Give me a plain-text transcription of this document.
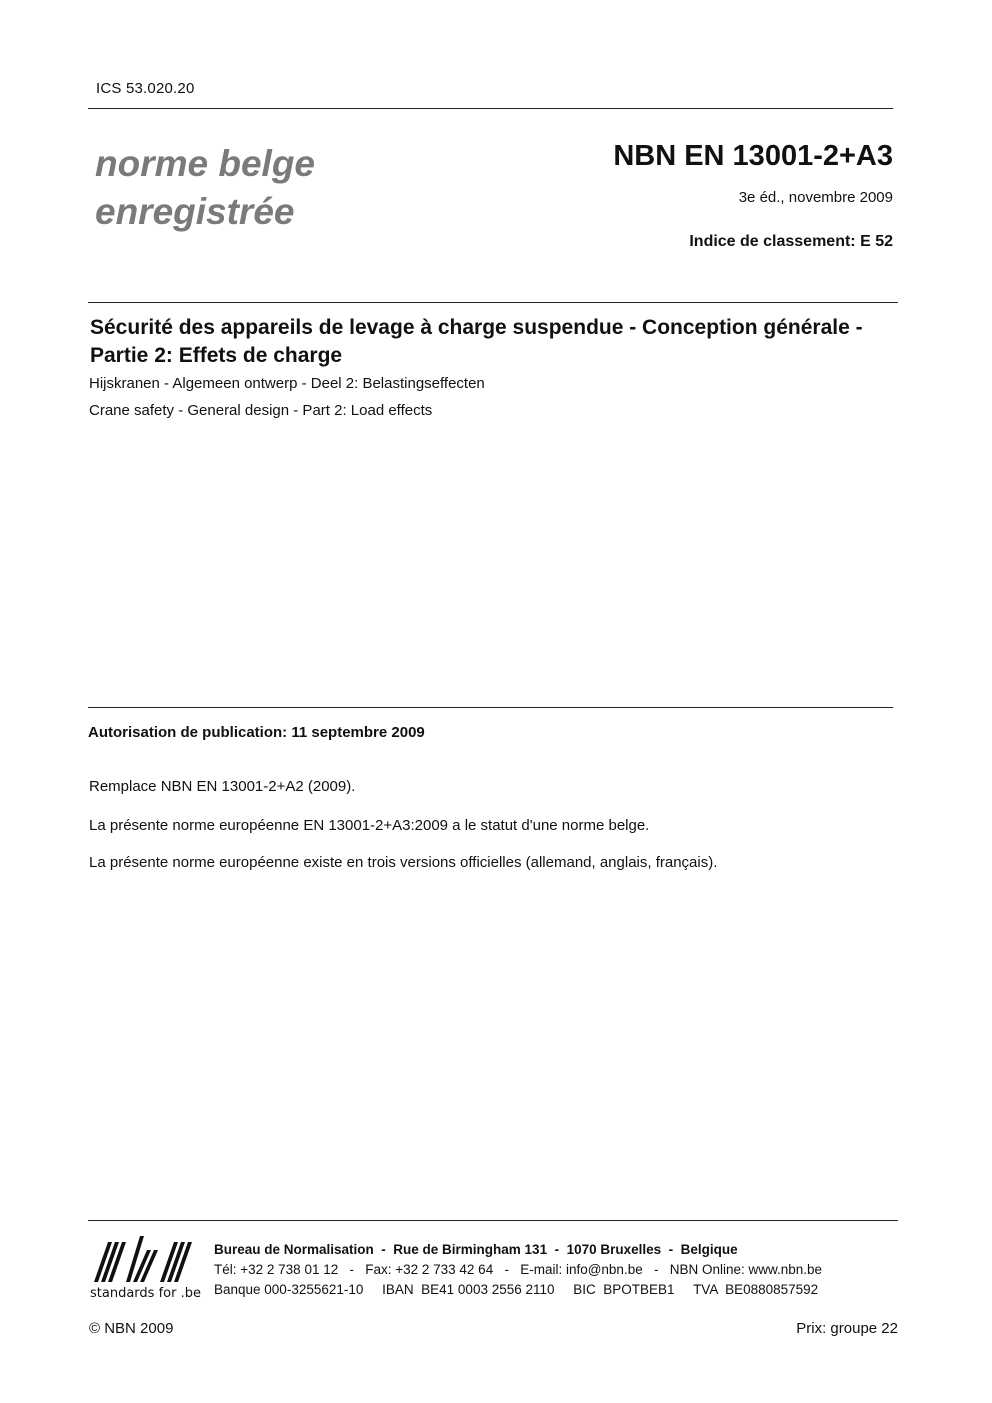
ICS 53.020.20
norme belge
enregistrée
NBN EN 13001-2+A3
3e éd., novembre 2009
Indice de classement: E 52
Sécurité des appareils de levage à charge suspendue - Conception générale - Partie 2: Effets de charge
Hijskranen - Algemeen ontwerp - Deel 2: Belastingseffecten
Crane safety - General design - Part 2: Load effects
Autorisation de publication: 11 septembre 2009
Remplace NBN EN 13001-2+A2 (2009).
La présente norme européenne EN 13001-2+A3:2009 a le statut d'une norme belge.
La présente norme européenne existe en trois versions officielles (allemand, anglais, français).
standards for .be
Bureau de Normalisation  -  Rue de Birmingham 131  -  1070 Bruxelles  -  Belgique
Tél: +32 2 738 01 12   -   Fax: +32 2 733 42 64   -   E-mail: info@nbn.be   -   NBN Online: www.nbn.be
Banque 000-3255621-10     IBAN  BE41 0003 2556 2110     BIC  BPOTBEB1     TVA  BE0880857592
© NBN 2009	Prix: groupe 22
